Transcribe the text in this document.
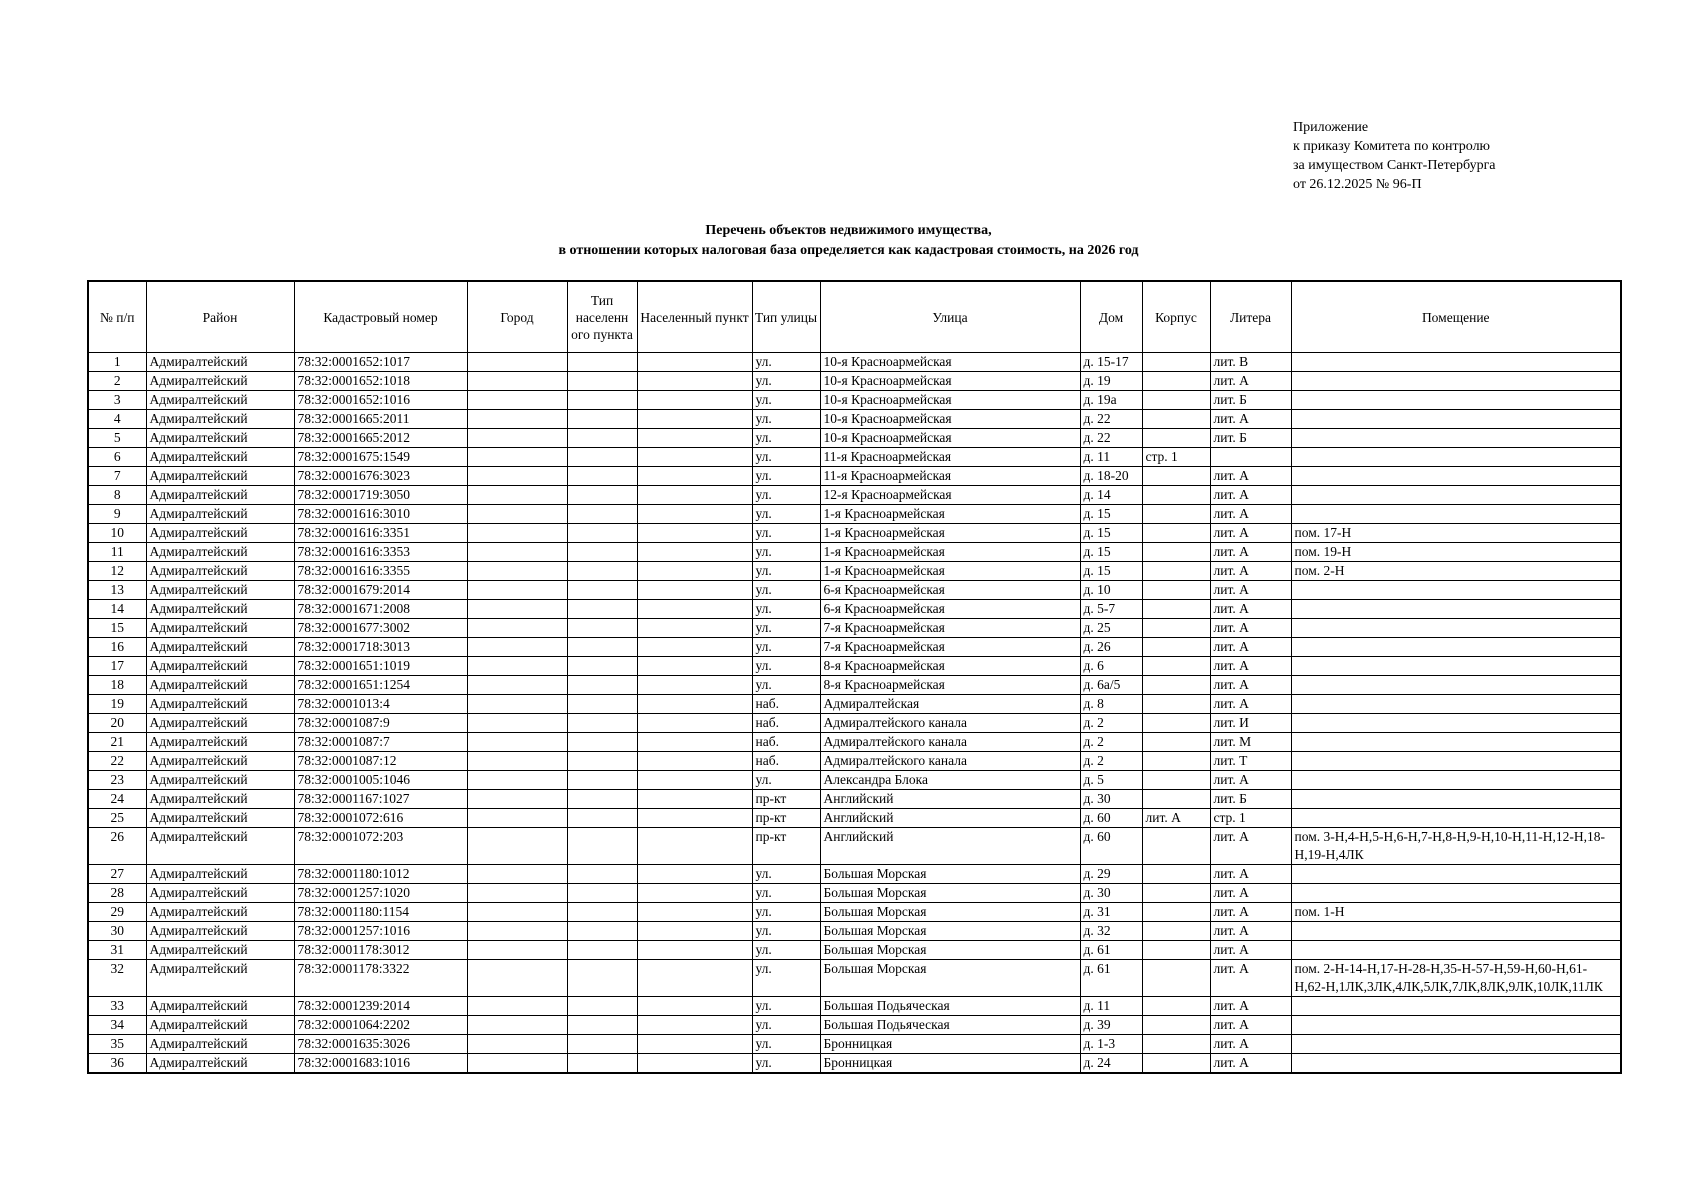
Приложение
к приказу Комитета по контролю
за имуществом Санкт-Петербурга
от 26.12.2025 № 96-П
Перечень объектов недвижимого имущества,
в отношении которых налоговая база определяется как кадастровая стоимость, на 2026 год
№ п/п	Район	Кадастровый номер	Город	Тип населенн ого пункта	Населенный пункт	Тип улицы	Улица	Дом	Корпус	Литера	Помещение
1	Адмиралтейский	78:32:0001652:1017				ул.	10-я Красноармейская	д. 15-17		лит. В	
2	Адмиралтейский	78:32:0001652:1018				ул.	10-я Красноармейская	д. 19		лит. А	
3	Адмиралтейский	78:32:0001652:1016				ул.	10-я Красноармейская	д. 19а		лит. Б	
4	Адмиралтейский	78:32:0001665:2011				ул.	10-я Красноармейская	д. 22		лит. А	
5	Адмиралтейский	78:32:0001665:2012				ул.	10-я Красноармейская	д. 22		лит. Б	
6	Адмиралтейский	78:32:0001675:1549				ул.	11-я Красноармейская	д. 11	стр. 1		
7	Адмиралтейский	78:32:0001676:3023				ул.	11-я Красноармейская	д. 18-20		лит. А	
8	Адмиралтейский	78:32:0001719:3050				ул.	12-я Красноармейская	д. 14		лит. А	
9	Адмиралтейский	78:32:0001616:3010				ул.	1-я Красноармейская	д. 15		лит. А	
10	Адмиралтейский	78:32:0001616:3351				ул.	1-я Красноармейская	д. 15		лит. А	пом. 17-Н
11	Адмиралтейский	78:32:0001616:3353				ул.	1-я Красноармейская	д. 15		лит. А	пом. 19-Н
12	Адмиралтейский	78:32:0001616:3355				ул.	1-я Красноармейская	д. 15		лит. А	пом. 2-Н
13	Адмиралтейский	78:32:0001679:2014				ул.	6-я Красноармейская	д. 10		лит. А	
14	Адмиралтейский	78:32:0001671:2008				ул.	6-я Красноармейская	д. 5-7		лит. А	
15	Адмиралтейский	78:32:0001677:3002				ул.	7-я Красноармейская	д. 25		лит. А	
16	Адмиралтейский	78:32:0001718:3013				ул.	7-я Красноармейская	д. 26		лит. А	
17	Адмиралтейский	78:32:0001651:1019				ул.	8-я Красноармейская	д. 6		лит. А	
18	Адмиралтейский	78:32:0001651:1254				ул.	8-я Красноармейская	д. 6а/5		лит. А	
19	Адмиралтейский	78:32:0001013:4				наб.	Адмиралтейская	д. 8		лит. А	
20	Адмиралтейский	78:32:0001087:9				наб.	Адмиралтейского канала	д. 2		лит. И	
21	Адмиралтейский	78:32:0001087:7				наб.	Адмиралтейского канала	д. 2		лит. М	
22	Адмиралтейский	78:32:0001087:12				наб.	Адмиралтейского канала	д. 2		лит. Т	
23	Адмиралтейский	78:32:0001005:1046				ул.	Александра Блока	д. 5		лит. А	
24	Адмиралтейский	78:32:0001167:1027				пр-кт	Английский	д. 30		лит. Б	
25	Адмиралтейский	78:32:0001072:616				пр-кт	Английский	д. 60	лит. А	стр. 1	
26	Адмиралтейский	78:32:0001072:203				пр-кт	Английский	д. 60		лит. А	пом. 3-Н,4-Н,5-Н,6-Н,7-Н,8-Н,9-Н,10-Н,11-Н,12-Н,18-Н,19-Н,4ЛК
27	Адмиралтейский	78:32:0001180:1012				ул.	Большая Морская	д. 29		лит. А	
28	Адмиралтейский	78:32:0001257:1020				ул.	Большая Морская	д. 30		лит. А	
29	Адмиралтейский	78:32:0001180:1154				ул.	Большая Морская	д. 31		лит. А	пом. 1-Н
30	Адмиралтейский	78:32:0001257:1016				ул.	Большая Морская	д. 32		лит. А	
31	Адмиралтейский	78:32:0001178:3012				ул.	Большая Морская	д. 61		лит. А	
32	Адмиралтейский	78:32:0001178:3322				ул.	Большая Морская	д. 61		лит. А	пом. 2-Н-14-Н,17-Н-28-Н,35-Н-57-Н,59-Н,60-Н,61-Н,62-Н,1ЛК,3ЛК,4ЛК,5ЛК,7ЛК,8ЛК,9ЛК,10ЛК,11ЛК
33	Адмиралтейский	78:32:0001239:2014				ул.	Большая Подьяческая	д. 11		лит. А	
34	Адмиралтейский	78:32:0001064:2202				ул.	Большая Подьяческая	д. 39		лит. А	
35	Адмиралтейский	78:32:0001635:3026				ул.	Бронницкая	д. 1-3		лит. А	
36	Адмиралтейский	78:32:0001683:1016				ул.	Бронницкая	д. 24		лит. А	
